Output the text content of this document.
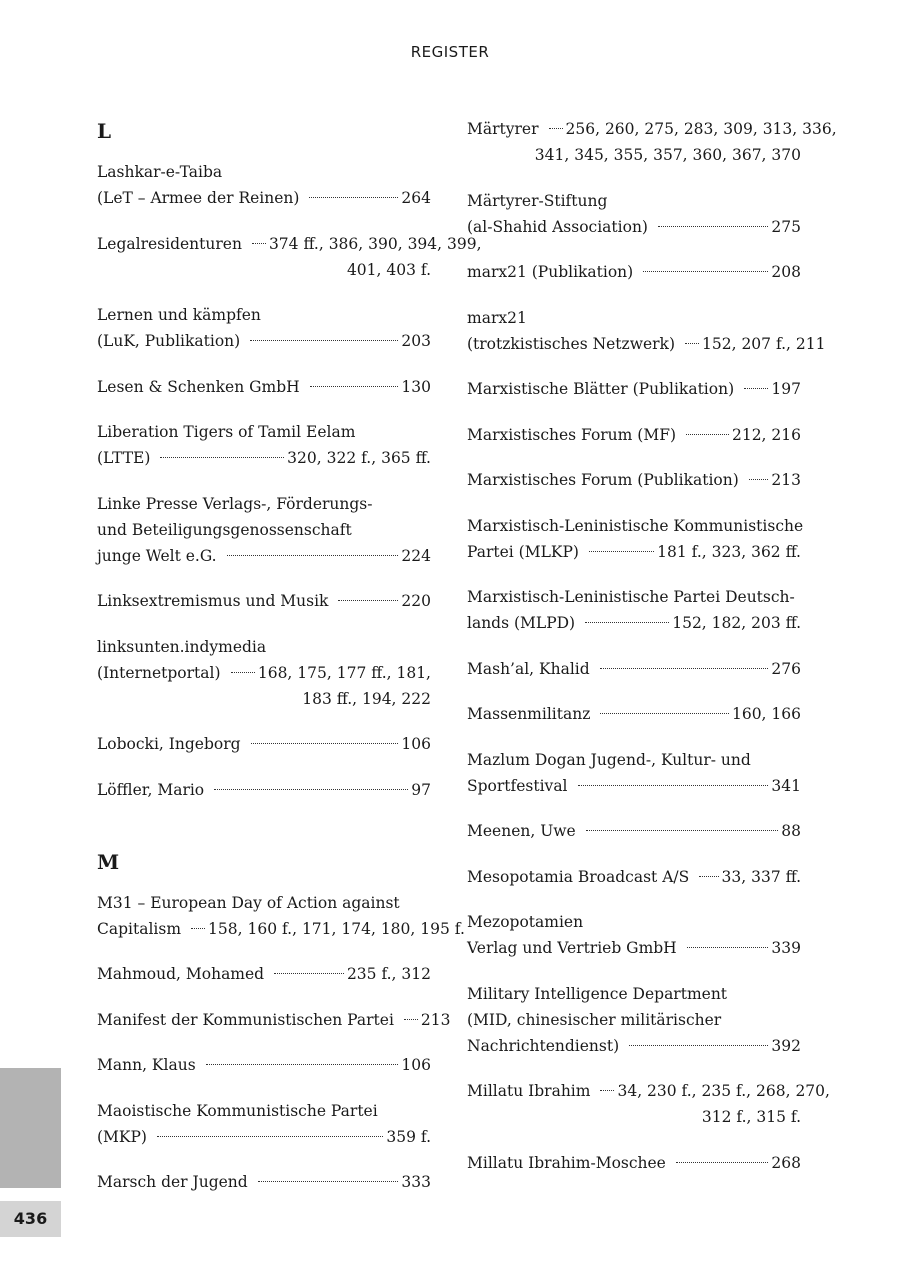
REGISTER
L
Lashkar-e-Taiba
(LeT – Armee der Reinen)	264
Legalresidenturen 374 ff., 386, 390, 394, 399,
401, 403 f.
Lernen und kämpfen
(LuK, Publikation)	203
Lesen & Schenken GmbH	130
Liberation Tigers of Tamil Eelam
(LTTE)	320, 322 f., 365 ff.
Linke Presse Verlags-, Förderungs-
und Beteiligungsgenossenschaft
junge Welt e.G.	224
Linksextremismus und Musik	220
linksunten.indymedia
(Internetportal) 168, 175, 177 ff., 181,
183 ff., 194, 222
Lobocki, Ingeborg	106
Löffler, Mario	97
M
M31 – European Day of Action against
Capitalism 158, 160 f., 171, 174, 180, 195 f.
Mahmoud, Mohamed	235 f., 312
Manifest der Kommunistischen Partei 213
Mann, Klaus	106
Maoistische Kommunistische Partei
(MKP)	359 f.
Marsch der Jugend	333
Märtyrer 256, 260, 275, 283, 309, 313, 336,
341, 345, 355, 357, 360, 367, 370
Märtyrer-Stiftung
(al-Shahid Association)	275
marx21 (Publikation)	208
marx21
(trotzkistisches Netzwerk) 152, 207 f., 211
Marxistische Blätter (Publikation) 197
Marxistisches Forum (MF)	212, 216
Marxistisches Forum (Publikation) 213
Marxistisch-Leninistische Kommunistische
Partei (MLKP)	181 f., 323, 362 ff.
Marxistisch-Leninistische Partei Deutsch-
lands (MLPD)	152, 182, 203 ff.
Mash’al, Khalid	276
Massenmilitanz	160, 166
Mazlum Dogan Jugend-, Kultur- und
Sportfestival	341
Meenen, Uwe	88
Mesopotamia Broadcast A/S 33, 337 ff.
Mezopotamien
Verlag und Vertrieb GmbH	339
Military Intelligence Department
(MID, chinesischer militärischer
Nachrichtendienst)	392
Millatu Ibrahim 34, 230 f., 235 f., 268, 270,
312 f., 315 f.
Millatu Ibrahim-Moschee	268
436
